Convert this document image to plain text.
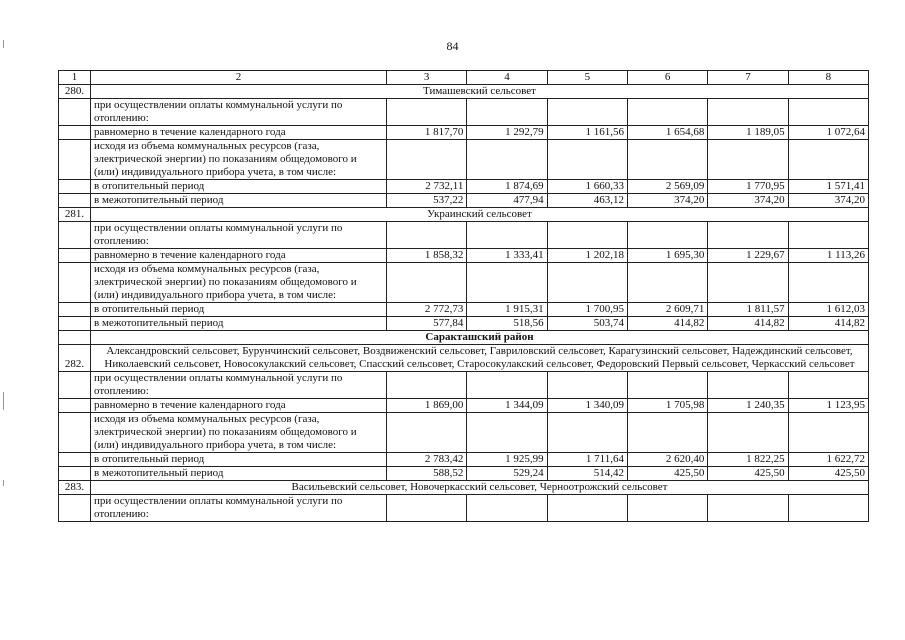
84
1	2	3	4	5	6	7	8
280.	Тимашевский сельсовет						
	при осуществлении оплаты коммунальной услуги по отоплению:						
	равномерно в течение календарного года	1 817,70	1 292,79	1 161,56	1 654,68	1 189,05	1 072,64
	исходя из объема коммунальных ресурсов (газа, электрической энергии) по показаниям общедомового и (или) индивидуального прибора учета, в том числе:						
	в отопительный период	2 732,11	1 874,69	1 660,33	2 569,09	1 770,95	1 571,41
	в межотопительный период	537,22	477,94	463,12	374,20	374,20	374,20
281.	Украинский сельсовет						
	при осуществлении оплаты коммунальной услуги по отоплению:						
	равномерно в течение календарного года	1 858,32	1 333,41	1 202,18	1 695,30	1 229,67	1 113,26
	исходя из объема коммунальных ресурсов (газа, электрической энергии) по показаниям общедомового и (или) индивидуального прибора учета, в том числе:						
	в отопительный период	2 772,73	1 915,31	1 700,95	2 609,71	1 811,57	1 612,03
	в межотопительный период	577,84	518,56	503,74	414,82	414,82	414,82
	Саракташский район						
282.	Александровский сельсовет, Бурунчинский сельсовет, Воздвиженский сельсовет, Гавриловский сельсовет, Карагузинский сельсовет, Надеждинский сельсовет, Николаевский сельсовет, Новосокулакский сельсовет, Спасский сельсовет, Старосокулакский сельсовет, Федоровский Первый сельсовет, Черкасский сельсовет						
	при осуществлении оплаты коммунальной услуги по отоплению:						
	равномерно в течение календарного года	1 869,00	1 344,09	1 340,09	1 705,98	1 240,35	1 123,95
	исходя из объема коммунальных ресурсов (газа, электрической энергии) по показаниям общедомового и (или) индивидуального прибора учета, в том числе:						
	в отопительный период	2 783,42	1 925,99	1 711,64	2 620,40	1 822,25	1 622,72
	в межотопительный период	588,52	529,24	514,42	425,50	425,50	425,50
283.	Васильевский сельсовет, Новочеркасский сельсовет, Черноотрожский сельсовет						
	при осуществлении оплаты коммунальной услуги по отоплению:						
